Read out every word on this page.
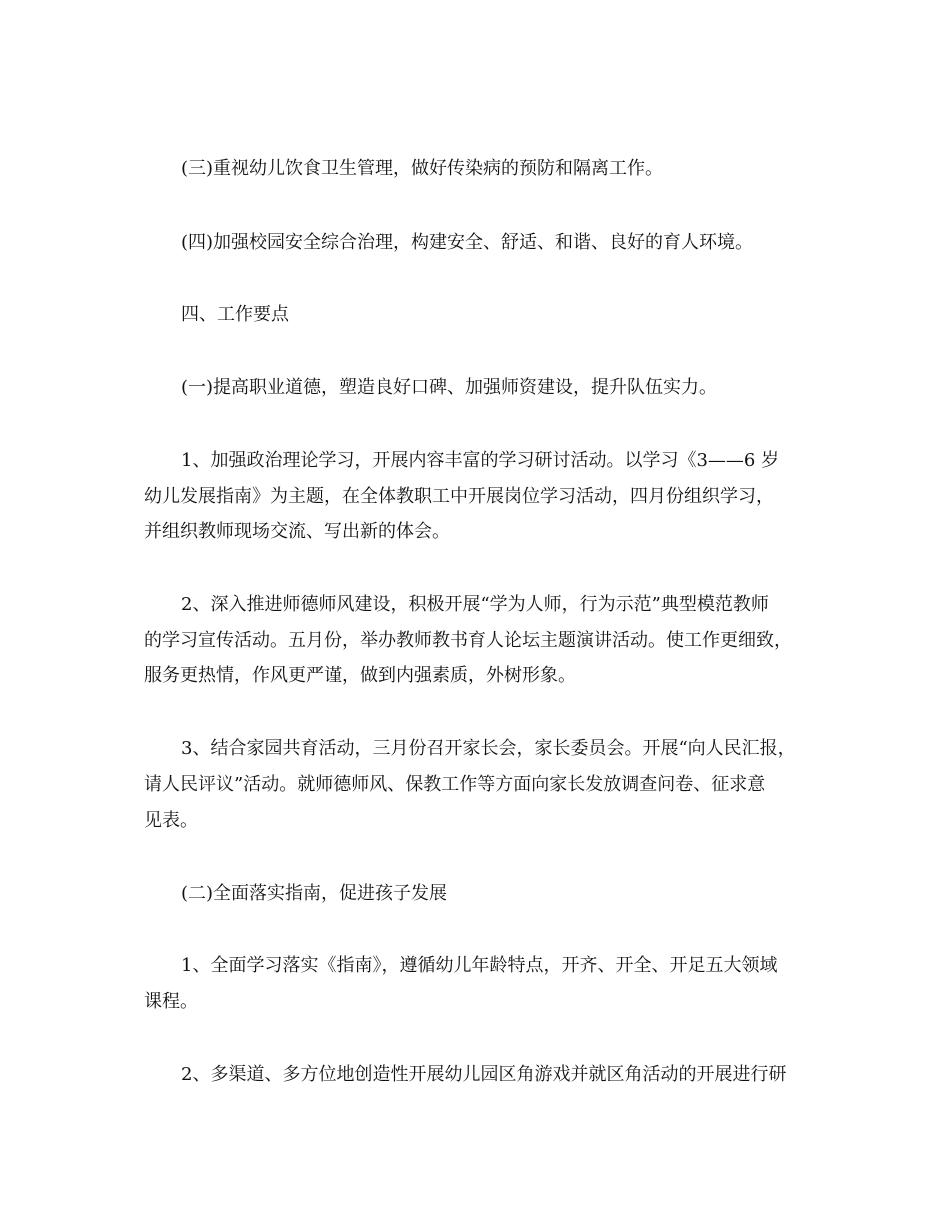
(三)重视幼儿饮食卫生管理，做好传染病的预防和隔离工作。
(四)加强校园安全综合治理，构建安全、舒适、和谐、良好的育人环境。
四、工作要点
(一)提高职业道德，塑造良好口碑、加强师资建设，提升队伍实力。
1、加强政治理论学习，开展内容丰富的学习研讨活动。以学习《3——6 岁
幼儿发展指南》为主题，在全体教职工中开展岗位学习活动，四月份组织学习，
并组织教师现场交流、写出新的体会。
2、深入推进师德师风建设，积极开展“学为人师，行为示范”典型模范教师
的学习宣传活动。五月份，举办教师教书育人论坛主题演讲活动。使工作更细致，
服务更热情，作风更严谨，做到内强素质，外树形象。
3、结合家园共育活动，三月份召开家长会，家长委员会。开展“向人民汇报，
请人民评议”活动。就师德师风、保教工作等方面向家长发放调查问卷、征求意
见表。
(二)全面落实指南，促进孩子发展
1、全面学习落实《指南》，遵循幼儿年龄特点，开齐、开全、开足五大领域
课程。
2、多渠道、多方位地创造性开展幼儿园区角游戏并就区角活动的开展进行研
